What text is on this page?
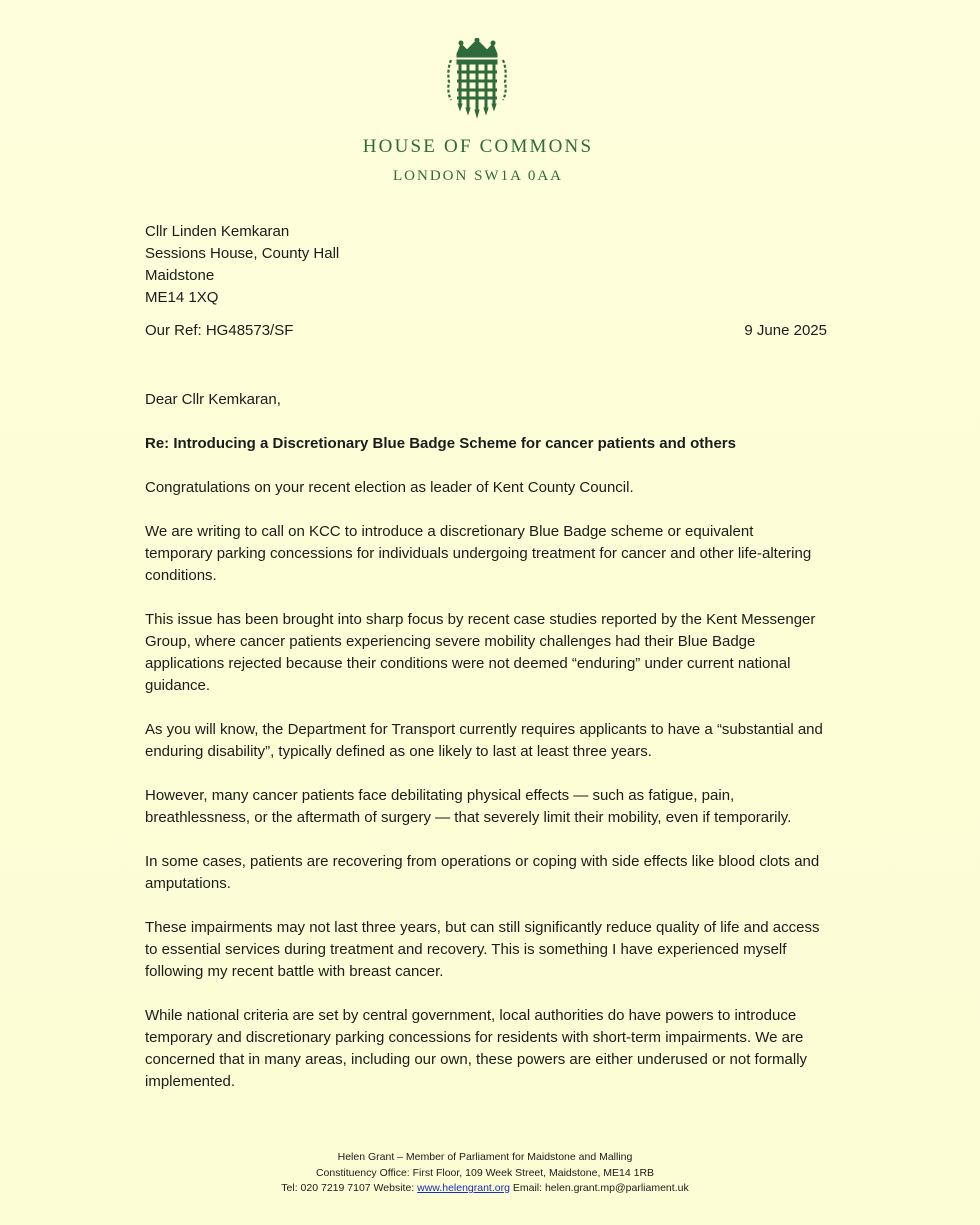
HOUSE OF COMMONS
LONDON SW1A 0AA
Cllr Linden Kemkaran
Sessions House, County Hall
Maidstone
ME14 1XQ
Our Ref: HG48573/SF	9 June 2025

Dear Cllr Kemkaran,

Re: Introducing a Discretionary Blue Badge Scheme for cancer patients and others

Congratulations on your recent election as leader of Kent County Council.

We are writing to call on KCC to introduce a discretionary Blue Badge scheme or equivalent temporary parking concessions for individuals undergoing treatment for cancer and other life-altering conditions.

This issue has been brought into sharp focus by recent case studies reported by the Kent Messenger Group, where cancer patients experiencing severe mobility challenges had their Blue Badge applications rejected because their conditions were not deemed “enduring” under current national guidance.

As you will know, the Department for Transport currently requires applicants to have a “substantial and enduring disability”, typically defined as one likely to last at least three years.

However, many cancer patients face debilitating physical effects — such as fatigue, pain, breathlessness, or the aftermath of surgery — that severely limit their mobility, even if temporarily.

In some cases, patients are recovering from operations or coping with side effects like blood clots and amputations.

These impairments may not last three years, but can still significantly reduce quality of life and access to essential services during treatment and recovery. This is something I have experienced myself following my recent battle with breast cancer.

While national criteria are set by central government, local authorities do have powers to introduce temporary and discretionary parking concessions for residents with short-term impairments. We are concerned that in many areas, including our own, these powers are either underused or not formally implemented.

Helen Grant – Member of Parliament for Maidstone and Malling
Constituency Office: First Floor, 109 Week Street, Maidstone, ME14 1RB
Tel: 020 7219 7107 Website: www.helengrant.org Email: helen.grant.mp@parliament.uk
